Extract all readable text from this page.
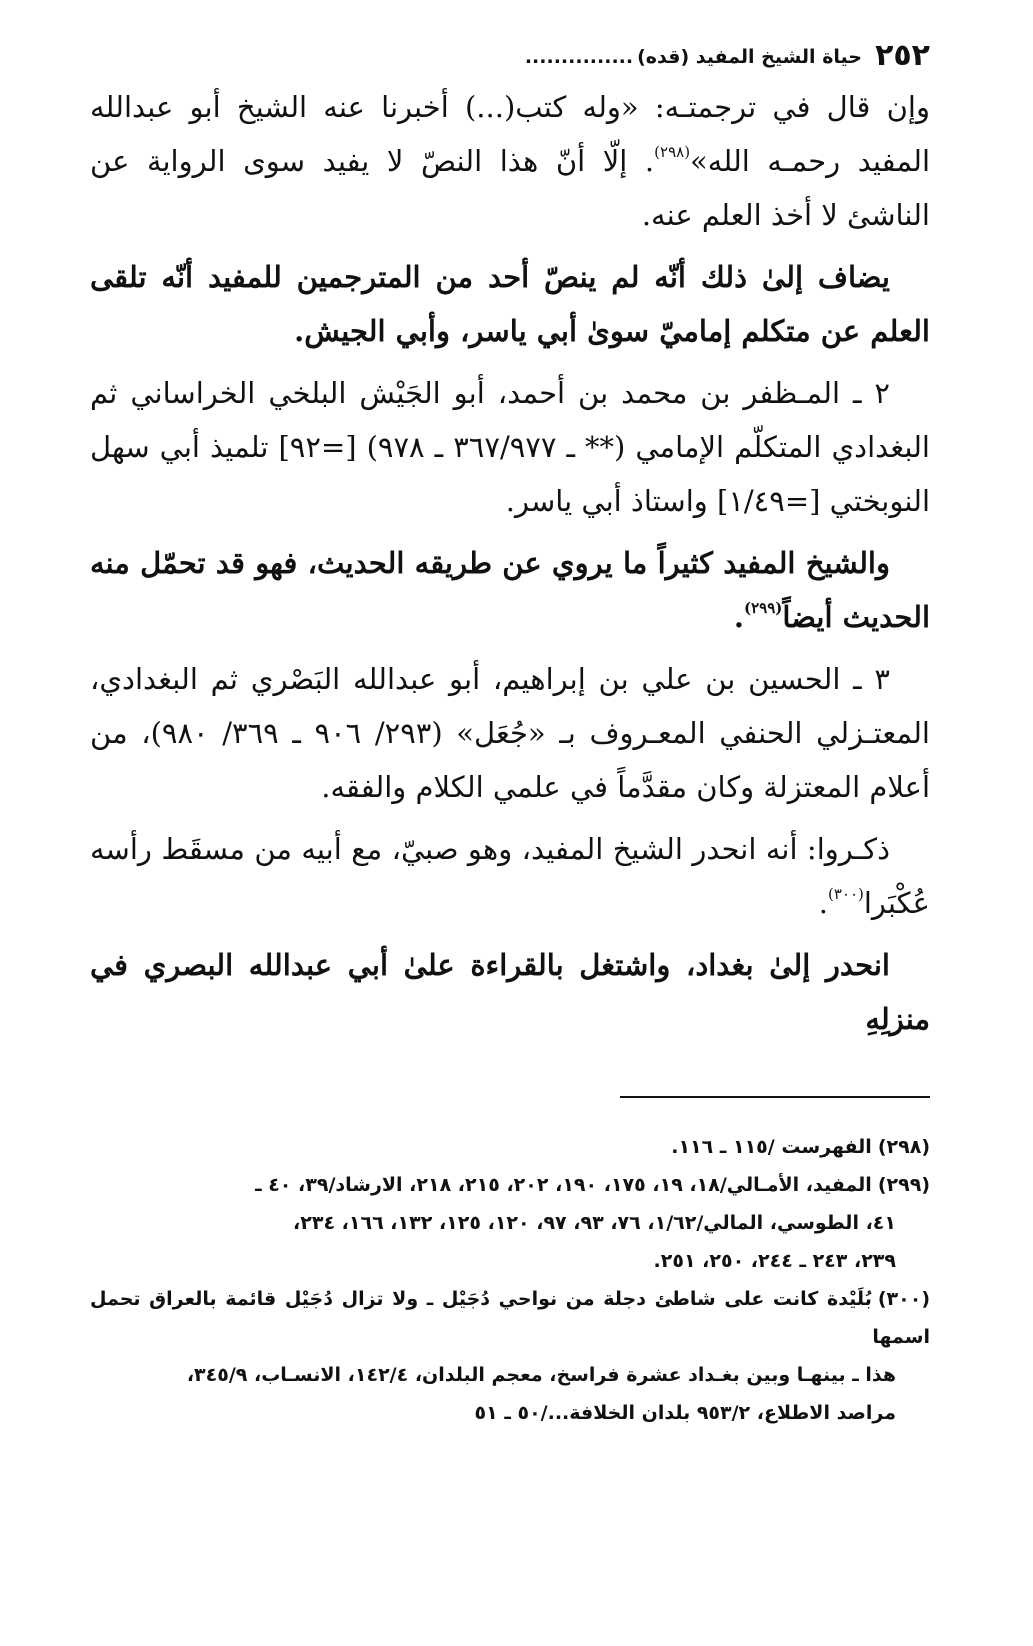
٢٥٢
حياة الشيخ المفيد (قده)...............

وإن قال في ترجمتـه: «وله كتب(...) أخبرنا عنه الشيخ أبو عبدالله المفيد رحمـه الله»$^{(٢٩٨)}$. إلّا أنّ هذا النصّ لا يفيد سوى الرواية عن الناشئ لا أخذ العلم عنه.

يضاف إلىٰ ذلك أنّه لم ينصّ أحد من المترجمين للمفيد أنّه تلقى العلم عن متكلم إماميّ سوىٰ أبي ياسر، وأبي الجيش.

٢ ـ المـظفر بن محمد بن أحمد، أبو الجَيْش البلخي الخراساني ثم البغدادي المتكلّم الإمامي (** ـ ٣٦٧/٩٧٧ ـ ٩٧٨) [=٩٢] تلميذ أبي سهل النوبختي [=١/٤٩] واستاذ أبي ياسر.

والشيخ المفيد كثيراً ما يروي عن طريقه الحديث، فهو قد تحمّل منه الحديث أيضاً$^{(٢٩٩)}$.

٣ ـ الحسين بن علي بن إبراهيم، أبو عبدالله البَصْري ثم البغدادي، المعتـزلي الحنفي المعـروف بـ «جُعَل» (٢٩٣/ ٩٠٦ ـ ٣٦٩/ ٩٨٠)، من أعلام المعتزلة وكان مقدَّماً في علمي الكلام والفقه.

ذكـروا: أنه انحدر الشيخ المفيد، وهو صبيّ، مع أبيه من مسقَط رأسه عُكْبَرا$^{(٣٠٠)}$.

انحدر إلىٰ بغداد، واشتغل بالقراءة علىٰ أبي عبدالله البصري في منزلِهِ

(٢٩٨)الفهرست /١١٥ ـ ١١٦.

(٢٩٩)المفيد، الأمـالي/١٨، ١٩، ١٧٥، ١٩٠، ٢٠٢، ٢١٥، ٢١٨، الارشاد/٣٩، ٤٠ ـ
٤١، الطوسي، المالي/١/٦٢، ٧٦، ٩٣، ٩٧، ١٢٠، ١٢٥، ١٣٢، ١٦٦، ٢٣٤،
٢٣٩، ٢٤٣ ـ ٢٤٤، ٢٥٠، ٢٥١.

(٣٠٠)بُلَيْدة كانت على شاطئ دجلة من نواحي دُجَيْل ـ ولا تزال دُجَيْل قائمة بالعراق تحمل اسمها
هذا ـ بينهـا وبين بغـداد عشرة فراسخ، معجم البلدان، ١٤٢/٤، الانسـاب، ٣٤٥/٩،
مراصد الاطلاع، ٩٥٣/٢ بلدان الخلافة.../٥٠ ـ ٥١
